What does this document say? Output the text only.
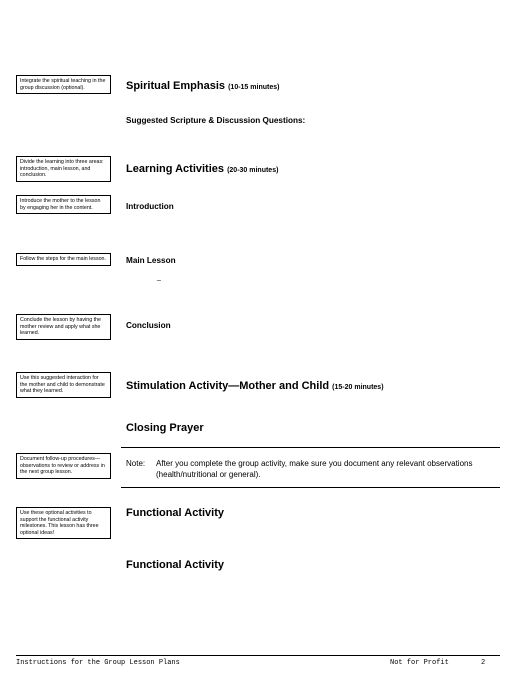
Integrate the spiritual teaching in the group discussion (optional).
Divide the learning into three areas: introduction, main lesson, and conclusion.
Introduce the mother to the lesson by engaging her in the content.
Follow the steps for the main lesson.
Conclude the lesson by having the mother review and apply what she learned.
Use this suggested interaction for the mother and child to demonstrate what they learned.
Document follow-up procedures—observations to review or address in the next group lesson.
Use these optional activities to support the functional activity milestones. This lesson has three optional ideas!
Spiritual Emphasis (10-15 minutes)
Suggested Scripture & Discussion Questions:
Learning Activities (20-30 minutes)
Introduction
Main Lesson
_
Conclusion
Stimulation Activity—Mother and Child (15-20 minutes)
Closing Prayer
Note:	After you complete the group activity, make sure you document any relevant observations (health/nutritional or general).
Functional Activity
Functional Activity
Instructions for the Group Lesson Plans	Not for Profit	2
